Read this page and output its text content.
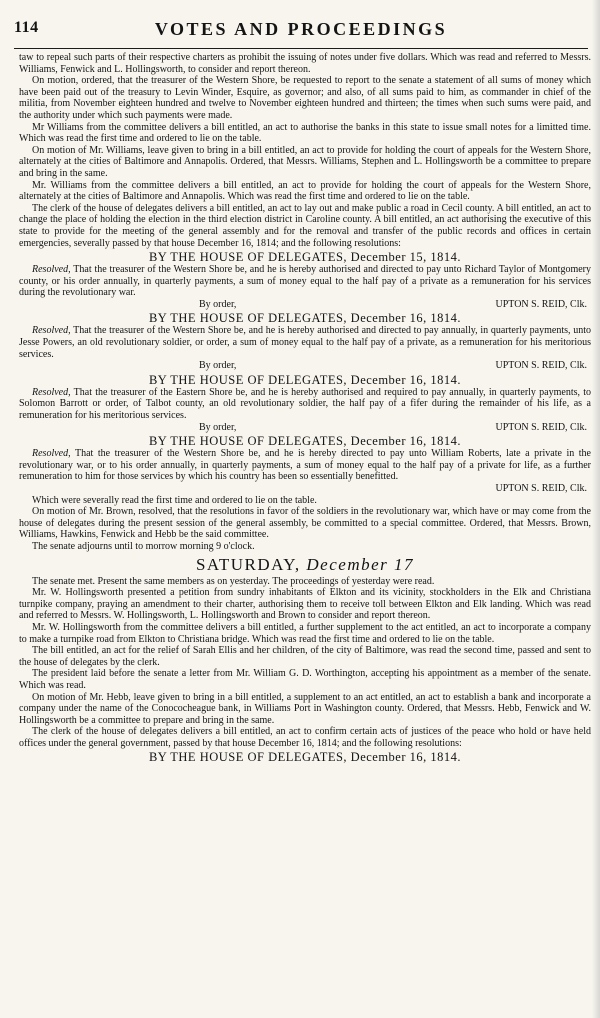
114	VOTES AND PROCEEDINGS

taw to repeal such parts of their respective charters as prohibit the issuing of notes under five dollars. Which was read and referred to Messrs. Williams, Fenwick and L. Hollingsworth, to consider and report thereon.

On motion, ordered, that the treasurer of the Western Shore, be requested to report to the senate a statement of all sums of money which have been paid out of the treasury to Levin Winder, Esquire, as governor; and also, of all sums paid to him, as commander in chief of the militia, from November eighteen hundred and twelve to November eighteen hundred and thirteen; the times when such sums were paid, and the authority under which such payments were made.

Mr Williams from the committee delivers a bill entitled, an act to authorise the banks in this state to issue small notes for a limitted time. Which was read the first time and ordered to lie on the table.

On motion of Mr. Williams, leave given to bring in a bill entitled, an act to provide for holding the court of appeals for the Western Shore, alternately at the cities of Baltimore and Annapolis. Ordered, that Messrs. Williams, Stephen and L. Hollingsworth be a committee to prepare and bring in the same.

Mr. Williams from the committee delivers a bill entitled, an act to provide for holding the court of appeals for the Western Shore, alternately at the cities of Baltimore and Annapolis. Which was read the first time and ordered to lie on the table.

The clerk of the house of delegates delivers a bill entitled, an act to lay out and make public a road in Cecil county. A bill entitled, an act to change the place of holding the election in the third election district in Caroline county. A bill entitled, an act authorising the executive of this state to provide for the meeting of the general assembly and for the removal and transfer of the public records and offices in certain emergencies, severally passed by that house December 16, 1814; and the following resolutions:

BY THE HOUSE OF DELEGATES, December 15, 1814.

Resolved, That the treasurer of the Western Shore be, and he is hereby authorised and directed to pay unto Richard Taylor of Montgomery county, or his order annually, in quarterly payments, a sum of money equal to the half pay of a private as a remuneration for his services during the revolutionary war.

By order,	UPTON S. REID, Clk.
BY THE HOUSE OF DELEGATES, December 16, 1814.

Resolved, That the treasurer of the Western Shore be, and he is hereby authorised and directed to pay annually, in quarterly payments, unto Jesse Powers, an old revolutionary soldier, or order, a sum of money equal to the half pay of a private, as a remuneration for his meritorious services.

By order,	UPTON S. REID, Clk.
BY THE HOUSE OF DELEGATES, December 16, 1814.

Resolved, That the treasurer of the Eastern Shore be, and he is hereby authorised and required to pay annually, in quarterly payments, to Solomon Barrott or order, of Talbot county, an old revolutionary soldier, the half pay of a fifer during the remainder of his life, as a remuneration for his meritorious services.

By order,	UPTON S. REID, Clk.
BY THE HOUSE OF DELEGATES, December 16, 1814.

Resolved, That the treasurer of the Western Shore be, and he is hereby directed to pay unto William Roberts, late a private in the revolutionary war, or to his order annually, in quarterly payments, a sum of money equal to the half pay of a private for life, as a further remuneration to him for those services by which his country has been so essentially benefitted.

UPTON S. REID, Clk.

Which were severally read the first time and ordered to lie on the table.

On motion of Mr. Brown, resolved, that the resolutions in favor of the soldiers in the revolutionary war, which have or may come from the house of delegates during the present session of the general assembly, be committed to a special committee. Ordered, that Messrs. Brown, Williams, Hawkins, Fenwick and Hebb be the said committee.

The senate adjourns until to morrow morning 9 o'clock.

SATURDAY, December 17

The senate met. Present the same members as on yesterday. The proceedings of yesterday were read.

Mr. W. Hollingsworth presented a petition from sundry inhabitants of Elkton and its vicinity, stockholders in the Elk and Christiana turnpike company, praying an amendment to their charter, authorising them to receive toll between Elkton and Elk landing. Which was read and referred to Messrs. W. Hollingsworth, L. Hollingsworth and Brown to consider and report thereon.

Mr. W. Hollingsworth from the committee delivers a bill entitled, a further supplement to the act entitled, an act to incorporate a company to make a turnpike road from Elkton to Christiana bridge. Which was read the first time and ordered to lie on the table.

The bill entitled, an act for the relief of Sarah Ellis and her children, of the city of Baltimore, was read the second time, passed and sent to the house of delegates by the clerk.

The president laid before the senate a letter from Mr. William G. D. Worthington, accepting his appointment as a member of the senate. Which was read.

On motion of Mr. Hebb, leave given to bring in a bill entitled, a supplement to an act entitled, an act to establish a bank and incorporate a company under the name of the Conococheague bank, in Williams Port in Washington county. Ordered, that Messrs. Hebb, Fenwick and W. Hollingsworth be a committee to prepare and bring in the same.

The clerk of the house of delegates delivers a bill entitled, an act to confirm certain acts of justices of the peace who hold or have held offices under the general government, passed by that house December 16, 1814; and the following resolutions:

BY THE HOUSE OF DELEGATES, December 16, 1814.
